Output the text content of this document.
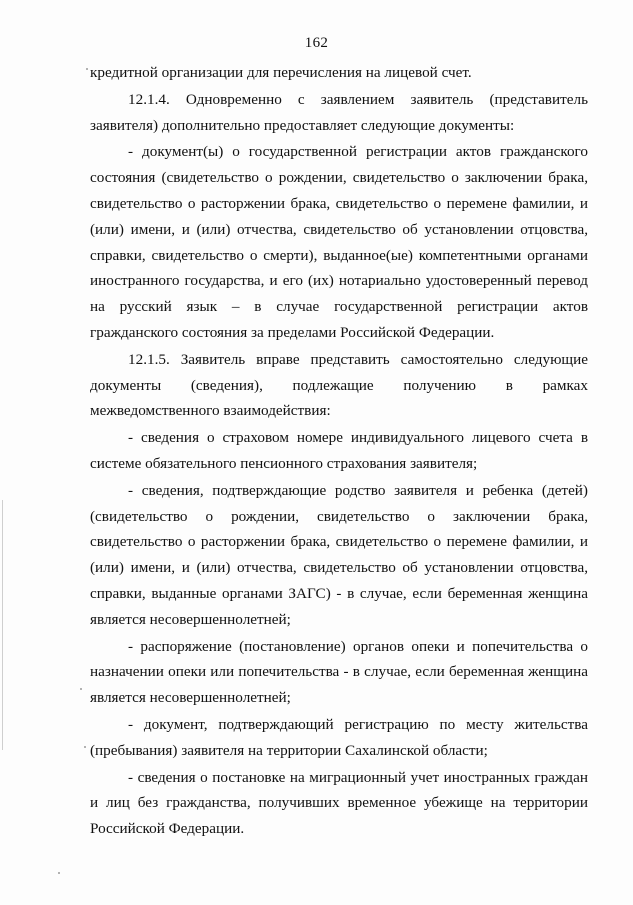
162

кредитной организации для перечисления на лицевой счет.

12.1.4. Одновременно с заявлением заявитель (представитель заявителя) дополнительно предоставляет следующие документы:

- документ(ы) о государственной регистрации актов гражданского состояния (свидетельство о рождении, свидетельство о заключении брака, свидетельство о расторжении брака, свидетельство о перемене фамилии, и (или) имени, и (или) отчества, свидетельство об установлении отцовства, справки, свидетельство о смерти), выданное(ые) компетентными органами иностранного государства, и его (их) нотариально удостоверенный перевод на русский язык – в случае государственной регистрации актов гражданского состояния за пределами Российской Федерации.

12.1.5. Заявитель вправе представить самостоятельно следующие документы (сведения), подлежащие получению в рамках межведомственного взаимодействия:

- сведения о страховом номере индивидуального лицевого счета в системе обязательного пенсионного страхования заявителя;

- сведения, подтверждающие родство заявителя и ребенка (детей) (свидетельство о рождении, свидетельство о заключении брака, свидетельство о расторжении брака, свидетельство о перемене фамилии, и (или) имени, и (или) отчества, свидетельство об установлении отцовства, справки, выданные органами ЗАГС) - в случае, если беременная женщина является несовершеннолетней;

- распоряжение (постановление) органов опеки и попечительства о назначении опеки или попечительства - в случае, если беременная женщина является несовершеннолетней;

- документ, подтверждающий регистрацию по месту жительства (пребывания) заявителя на территории Сахалинской области;

- сведения о постановке на миграционный учет иностранных граждан и лиц без гражданства, получивших временное убежище на территории Российской Федерации.
